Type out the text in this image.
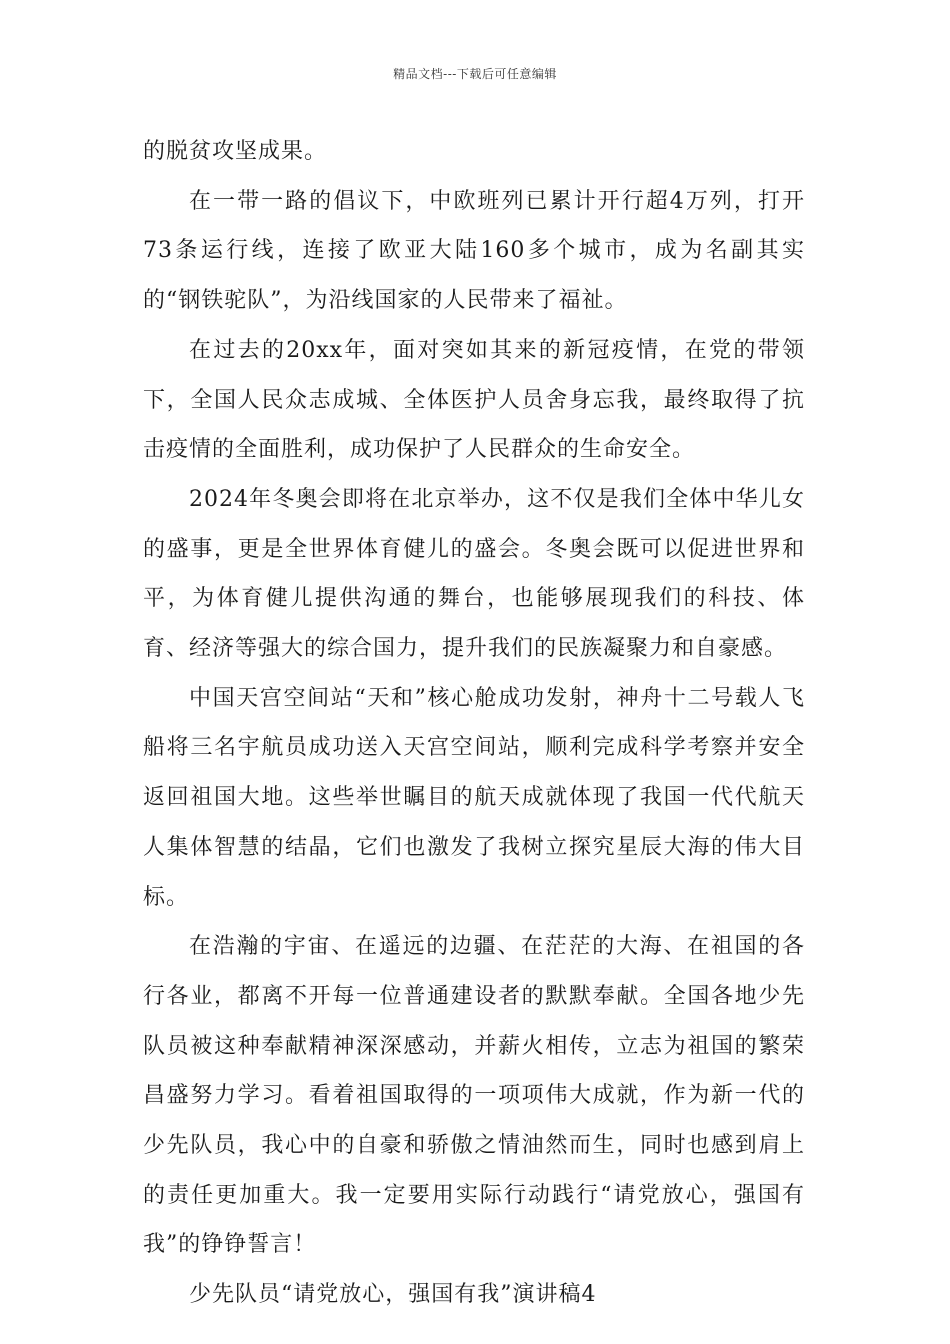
精品文档---下载后可任意编辑

的脱贫攻坚成果。

在一带一路的倡议下，中欧班列已累计开行超4万列，打开73条运行线，连接了欧亚大陆160多个城市，成为名副其实的“钢铁驼队”，为沿线国家的人民带来了福祉。

在过去的20xx年，面对突如其来的新冠疫情，在党的带领下，全国人民众志成城、全体医护人员舍身忘我，最终取得了抗击疫情的全面胜利，成功保护了人民群众的生命安全。

2024年冬奥会即将在北京举办，这不仅是我们全体中华儿女的盛事，更是全世界体育健儿的盛会。冬奥会既可以促进世界和平，为体育健儿提供沟通的舞台，也能够展现我们的科技、体育、经济等强大的综合国力，提升我们的民族凝聚力和自豪感。

中国天宫空间站“天和”核心舱成功发射，神舟十二号载人飞船将三名宇航员成功送入天宫空间站，顺利完成科学考察并安全返回祖国大地。这些举世瞩目的航天成就体现了我国一代代航天人集体智慧的结晶，它们也激发了我树立探究星辰大海的伟大目标。

在浩瀚的宇宙、在遥远的边疆、在茫茫的大海、在祖国的各行各业，都离不开每一位普通建设者的默默奉献。全国各地少先队员被这种奉献精神深深感动，并薪火相传，立志为祖国的繁荣昌盛努力学习。看着祖国取得的一项项伟大成就，作为新一代的少先队员，我心中的自豪和骄傲之情油然而生，同时也感到肩上的责任更加重大。我一定要用实际行动践行“请党放心，强国有我”的铮铮誓言！

少先队员“请党放心，强国有我”演讲稿4
